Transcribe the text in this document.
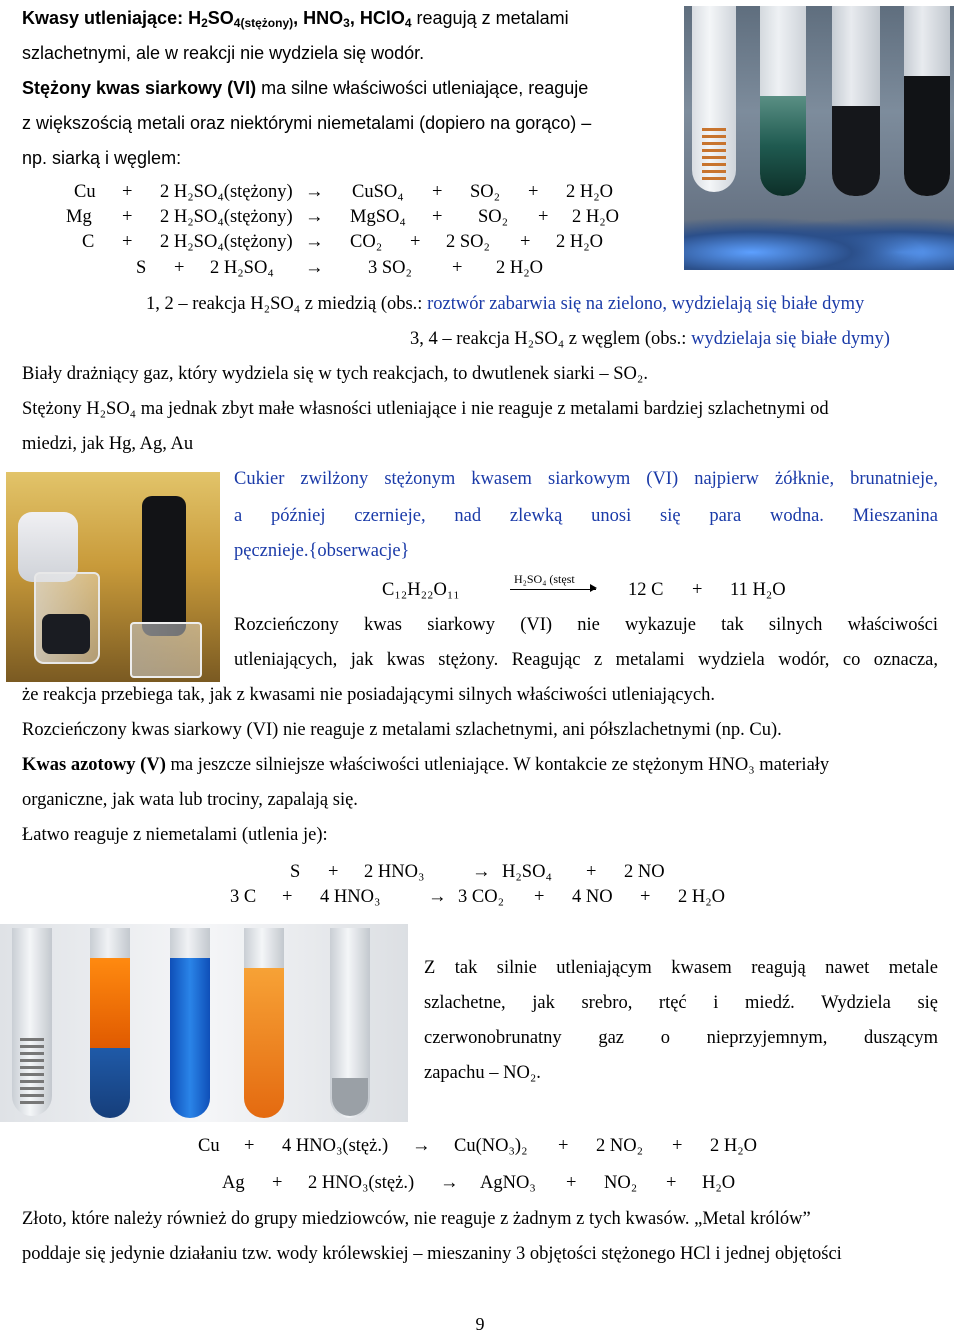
Kwasy utleniające: $H_2SO_{4(stężony)}$, $HNO_3$, HClO$_4$ reagują z metalami
szlachetnymi, ale w reakcji nie wydziela się wodór.
Stężony kwas siarkowy (VI) ma silne właściwości utleniające, reaguje
z większością metali oraz niektórymi niemetalami (dopiero na gorąco) –
np. siarką i węglem:
Cu + 2 H₂SO₄(stężony) → CuSO₄ + SO₂ + 2 H₂O
Mg + 2 H₂SO₄(stężony) → MgSO₄ + SO₂ + 2 H₂O
C + 2 H₂SO₄(stężony) → CO₂ + 2 SO₂ + 2 H₂O
S + 2 H₂SO₄ → 3 SO₂ + 2 H₂O
1, 2 – reakcja H₂SO₄ z miedzią (obs.: roztwór zabarwia się na zielono, wydzielają się białe dymy
3, 4 – reakcja H₂SO₄ z węglem (obs.: wydzielaja się białe dymy)
Biały drażniący gaz, który wydziela się w tych reakcjach, to dwutlenek siarki – SO₂.
Stężony H₂SO₄ ma jednak zbyt małe własności utleniające i nie reaguje z metalami bardziej szlachetnymi od
miedzi, jak Hg, Ag, Au
Cukier zwilżony stężonym kwasem siarkowym (VI) najpierw żółknie, brunatnieje,
a później czernieje, nad zlewką unosi się para wodna. Mieszanina
pęcznieje.{obserwacje}
C₁₂H₂₂O₁₁
H₂SO₄ (stęst
12 C + 11 H₂O
Rozcieńczony kwas siarkowy (VI) nie wykazuje tak silnych właściwości
utleniających, jak kwas stężony. Reagując z metalami wydziela wodór, co oznacza,
że reakcja przebiega tak, jak z kwasami nie posiadającymi silnych właściwości utleniających.
Rozcieńczony kwas siarkowy (VI) nie reaguje z metalami szlachetnymi, ani półszlachetnymi (np. Cu).
Kwas azotowy (V) ma jeszcze silniejsze właściwości utleniające. W kontakcie ze stężonym HNO₃ materiały
organiczne, jak wata lub trociny, zapalają się.
Łatwo reaguje z niemetalami (utlenia je):
S + 2 HNO₃	→ H₂SO₄ + 2 NO
3 C + 4 HNO₃	→ 3 CO₂ + 4 NO + 2 H₂O
Z tak silnie utleniającym kwasem reagują nawet metale
szlachetne, jak srebro, rtęć i miedź. Wydziela się
czerwonobrunatny gaz o nieprzyjemnym, duszącym
zapachu – NO₂.
Cu + 4 HNO₃(stęż.) → Cu(NO₃)₂ + 2 NO₂ + 2 H₂O
Ag + 2 HNO₃(stęż.) → AgNO₃ + NO₂ + H₂O
Złoto, które należy również do grupy miedziowców, nie reaguje z żadnym z tych kwasów. „Metal królów”
poddaje się jedynie działaniu tzw. wody królewskiej – mieszaniny 3 objętości stężonego HCl i jednej objętości
9
